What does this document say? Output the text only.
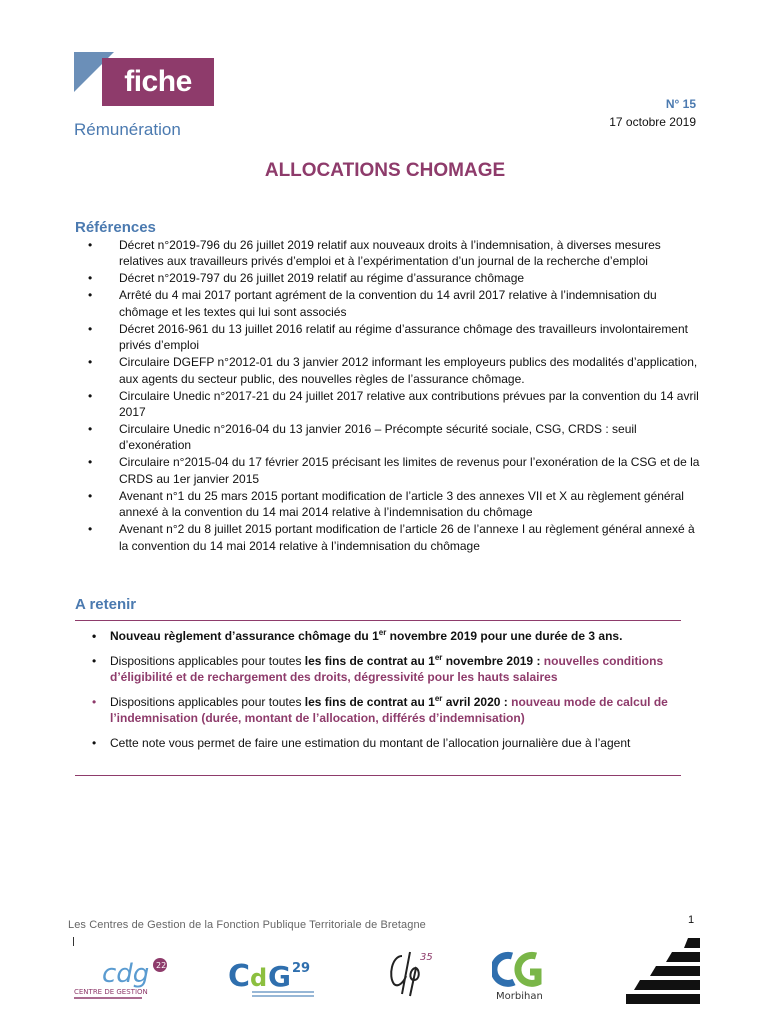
fiche
Rémunération
N° 15
17 octobre 2019
ALLOCATIONS CHOMAGE
Références
• Décret n°2019-796 du 26 juillet 2019 relatif aux nouveaux droits à l’indemnisation, à diverses mesures relatives aux travailleurs privés d’emploi et à l’expérimentation d’un journal de la recherche d’emploi
• Décret n°2019-797 du 26 juillet 2019 relatif au régime d’assurance chômage
• Arrêté du 4 mai 2017 portant agrément de la convention du 14 avril 2017 relative à l’indemnisation du chômage et les textes qui lui sont associés
• Décret 2016-961 du 13 juillet 2016 relatif au régime d’assurance chômage des travailleurs involontairement privés d’emploi
• Circulaire DGEFP n°2012-01 du 3 janvier 2012 informant les employeurs publics des modalités d’application, aux agents du secteur public, des nouvelles règles de l’assurance chômage.
• Circulaire Unedic n°2017-21 du 24 juillet 2017 relative aux contributions prévues par la convention du 14 avril 2017
• Circulaire Unedic n°2016-04 du 13 janvier 2016 – Précompte sécurité sociale, CSG, CRDS : seuil d’exonération
• Circulaire n°2015-04 du 17 février 2015 précisant les limites de revenus pour l’exonération de la CSG et de la CRDS au 1er janvier 2015
• Avenant n°1 du 25 mars 2015 portant modification de l’article 3 des annexes VII et X au règlement général annexé à la convention du 14 mai 2014 relative à l’indemnisation du chômage
• Avenant n°2 du 8 juillet 2015 portant modification de l’article 26 de l’annexe I au règlement général annexé à la convention du 14 mai 2014 relative à l’indemnisation du chômage
A retenir
• Nouveau règlement d’assurance chômage du 1er novembre 2019 pour une durée de 3 ans.
• Dispositions applicables pour toutes les fins de contrat au 1er novembre 2019 : nouvelles conditions d’éligibilité et de rechargement des droits, dégressivité pour les hauts salaires
• Dispositions applicables pour toutes les fins de contrat au 1er avril 2020 : nouveau mode de calcul de l’indemnisation (durée, montant de l’allocation, différés d’indemnisation)
• Cette note vous permet de faire une estimation du montant de l’allocation journalière due à l’agent
Les Centres de Gestion de la Fonction Publique Territoriale de Bretagne	1
cdg 22
CENTRE DE GESTION	C d G 29
35
Morbihan
